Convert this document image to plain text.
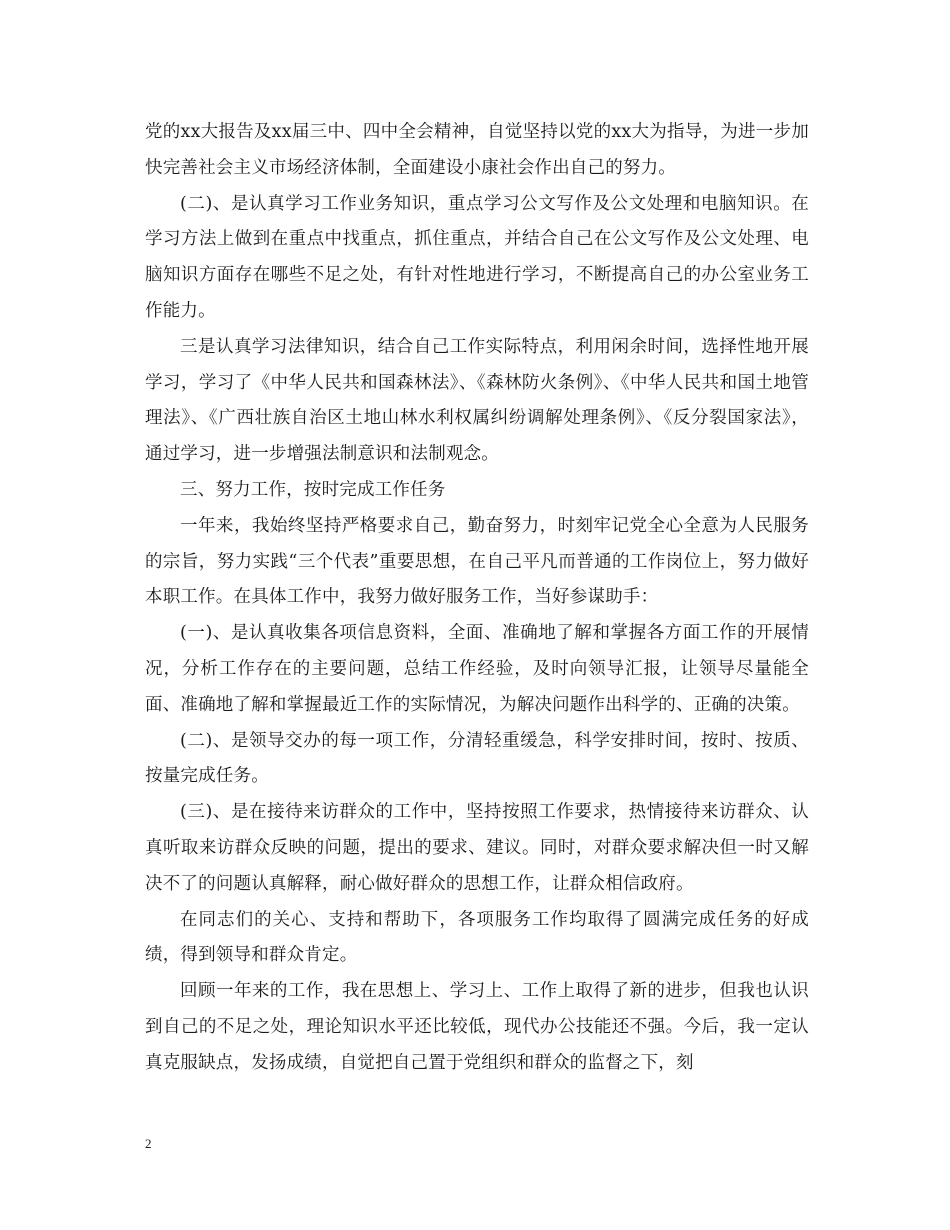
党的xx大报告及xx届三中、四中全会精神，自觉坚持以党的xx大为指导，为进一步加快完善社会主义市场经济体制，全面建设小康社会作出自己的努力。

(二)、是认真学习工作业务知识，重点学习公文写作及公文处理和电脑知识。在学习方法上做到在重点中找重点，抓住重点，并结合自己在公文写作及公文处理、电脑知识方面存在哪些不足之处，有针对性地进行学习，不断提高自己的办公室业务工作能力。

三是认真学习法律知识，结合自己工作实际特点，利用闲余时间，选择性地开展学习，学习了《中华人民共和国森林法》、《森林防火条例》、《中华人民共和国土地管理法》、《广西壮族自治区土地山林水利权属纠纷调解处理条例》、《反分裂国家法》，通过学习，进一步增强法制意识和法制观念。

三、努力工作，按时完成工作任务

一年来，我始终坚持严格要求自己，勤奋努力，时刻牢记党全心全意为人民服务的宗旨，努力实践“三个代表”重要思想，在自己平凡而普通的工作岗位上，努力做好本职工作。在具体工作中，我努力做好服务工作，当好参谋助手：

(一)、是认真收集各项信息资料，全面、准确地了解和掌握各方面工作的开展情况，分析工作存在的主要问题，总结工作经验，及时向领导汇报，让领导尽量能全面、准确地了解和掌握最近工作的实际情况，为解决问题作出科学的、正确的决策。

(二)、是领导交办的每一项工作，分清轻重缓急，科学安排时间，按时、按质、按量完成任务。

(三)、是在接待来访群众的工作中，坚持按照工作要求，热情接待来访群众、认真听取来访群众反映的问题，提出的要求、建议。同时，对群众要求解决但一时又解决不了的问题认真解释，耐心做好群众的思想工作，让群众相信政府。

在同志们的关心、支持和帮助下，各项服务工作均取得了圆满完成任务的好成绩，得到领导和群众肯定。

回顾一年来的工作，我在思想上、学习上、工作上取得了新的进步，但我也认识到自己的不足之处，理论知识水平还比较低，现代办公技能还不强。今后，我一定认真克服缺点，发扬成绩，自觉把自己置于党组织和群众的监督之下，刻

2
